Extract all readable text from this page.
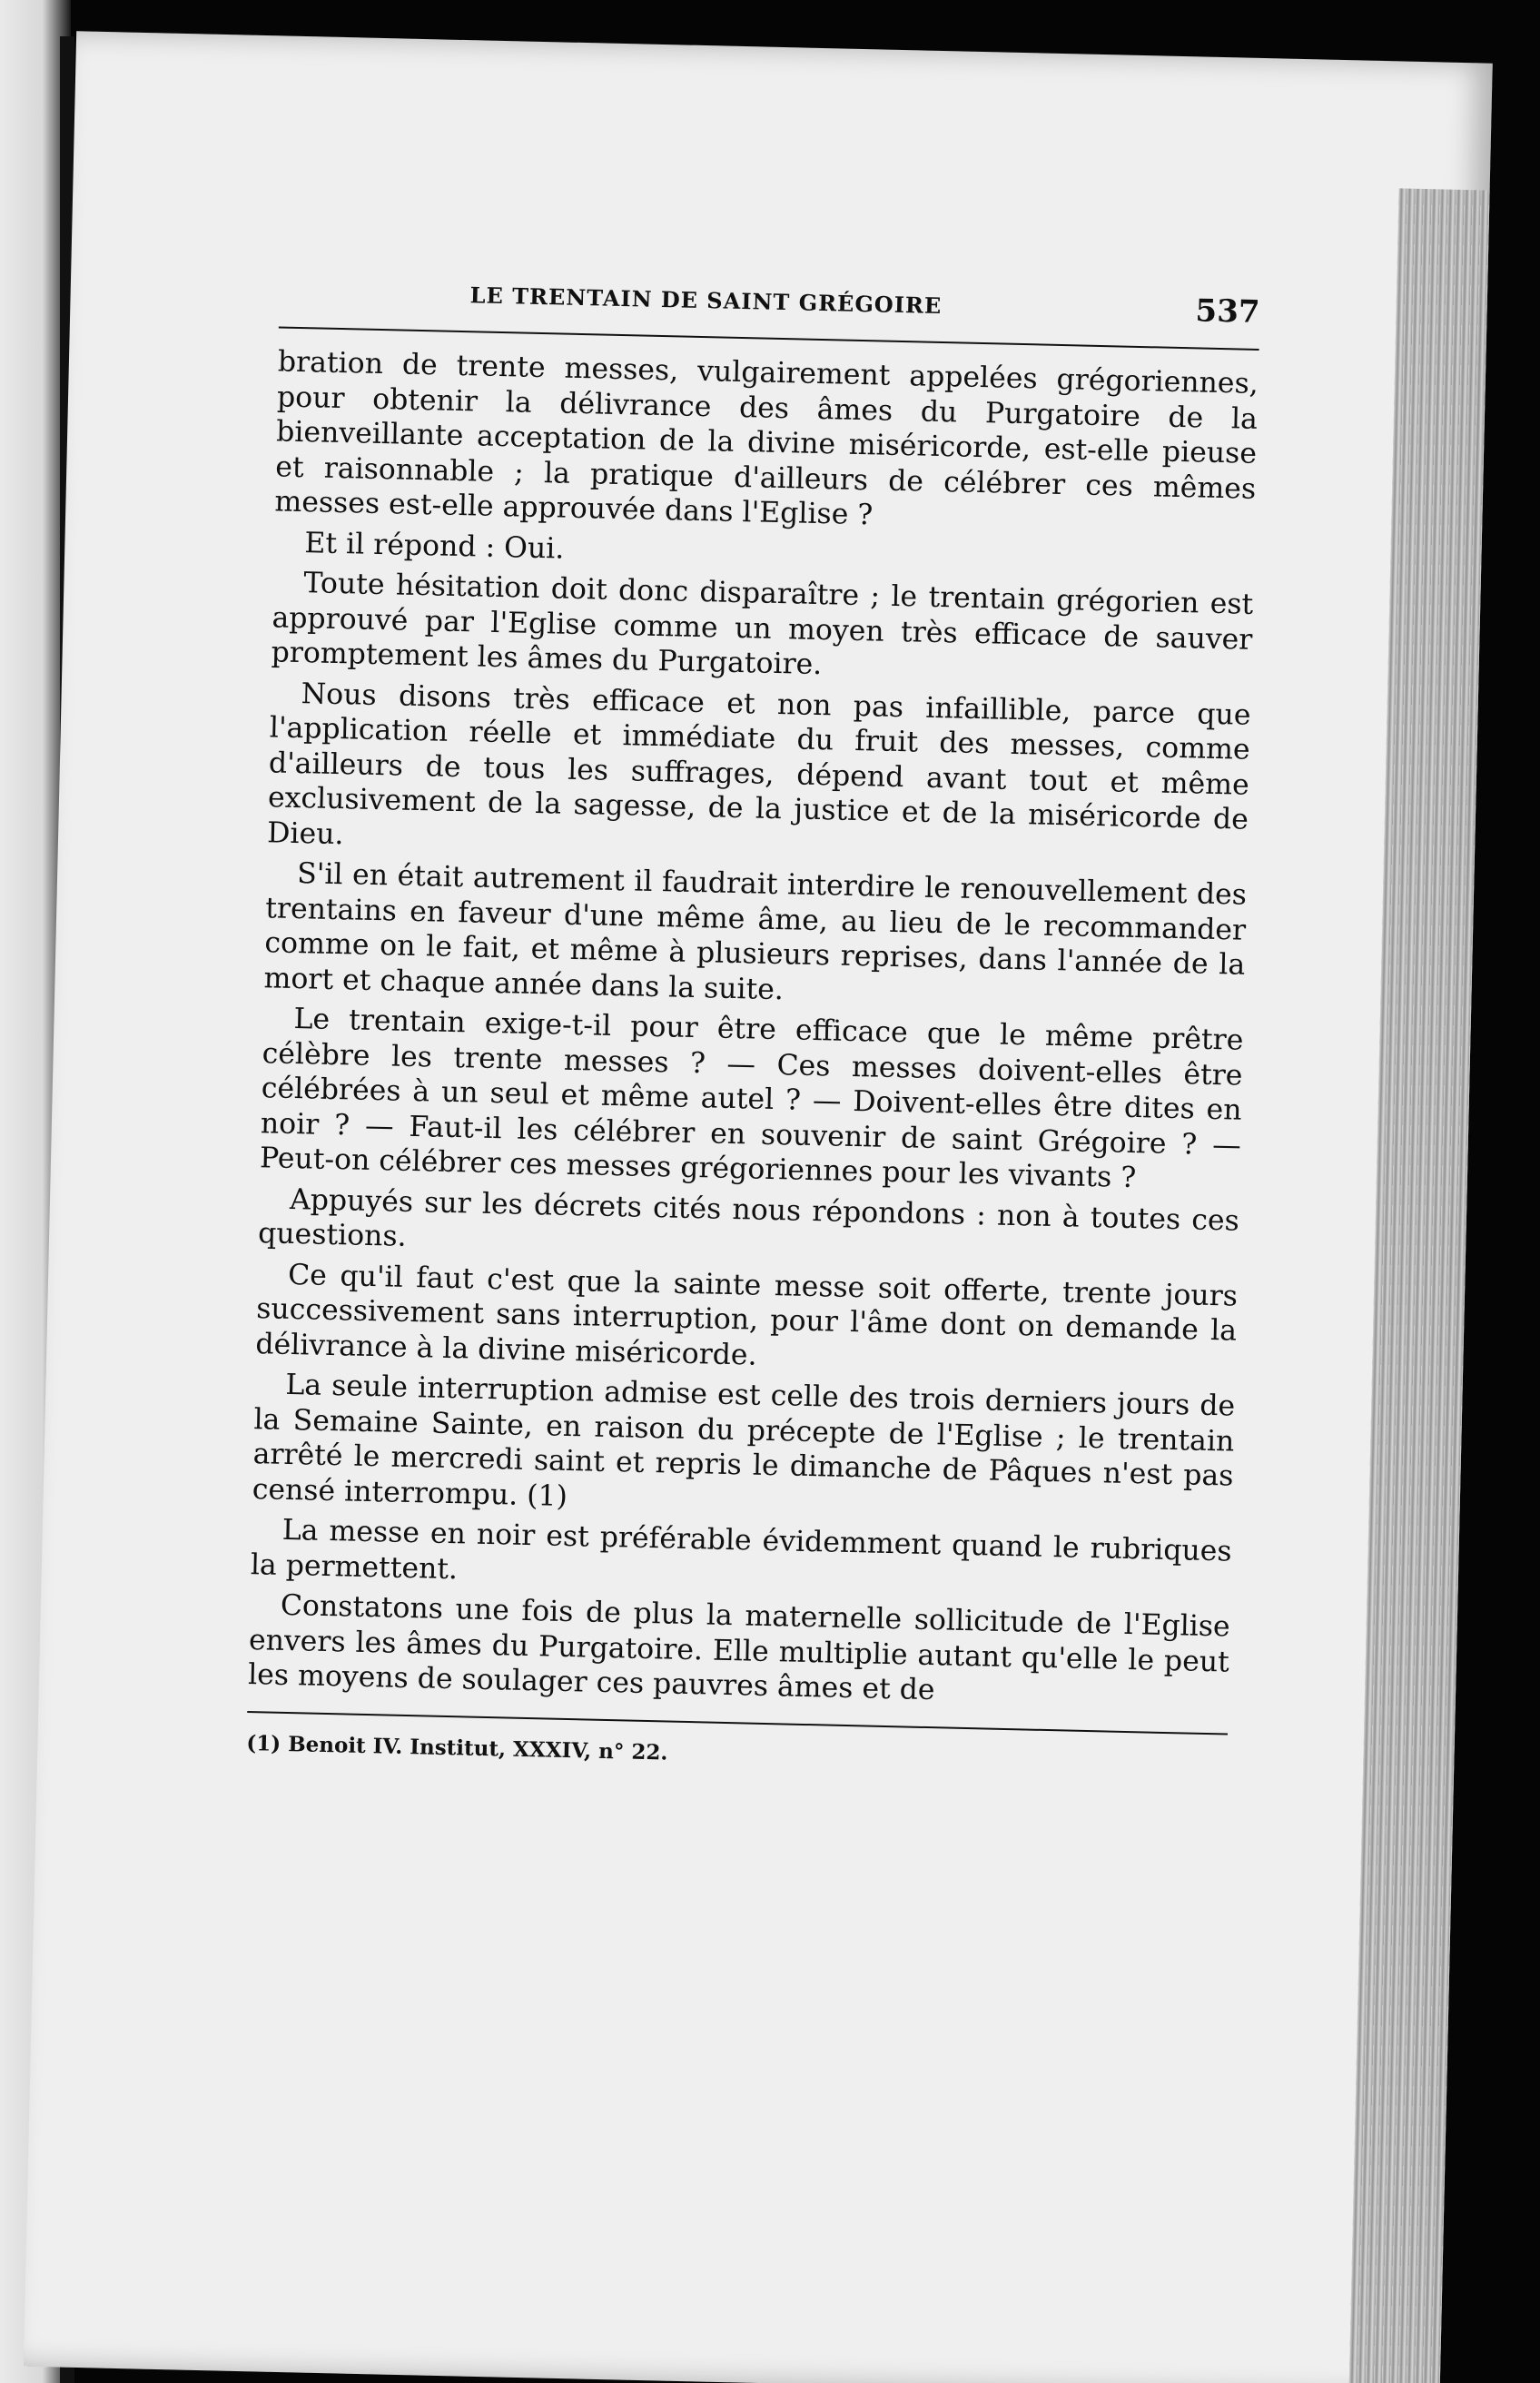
LE TRENTAIN DE SAINT GRÉGOIRE	537

bration de trente messes, vulgairement appelées grégoriennes, pour obtenir la délivrance des âmes du Purgatoire de la bienveillante acceptation de la divine miséricorde, est-elle pieuse et raisonnable ; la pratique d'ailleurs de célébrer ces mêmes messes est-elle approuvée dans l'Eglise ?

Et il répond : Oui.

Toute hésitation doit donc disparaître ; le trentain grégorien est approuvé par l'Eglise comme un moyen très efficace de sauver promptement les âmes du Purgatoire.

Nous disons très efficace et non pas infaillible, parce que l'application réelle et immédiate du fruit des messes, comme d'ailleurs de tous les suffrages, dépend avant tout et même exclusivement de la sagesse, de la justice et de la miséricorde de Dieu.

S'il en était autrement il faudrait interdire le renouvellement des trentains en faveur d'une même âme, au lieu de le recommander comme on le fait, et même à plusieurs reprises, dans l'année de la mort et chaque année dans la suite.

Le trentain exige-t-il pour être efficace que le même prêtre célèbre les trente messes ? — Ces messes doivent-elles être célébrées à un seul et même autel ? — Doivent-elles être dites en noir ? — Faut-il les célébrer en souvenir de saint Grégoire ? — Peut-on célébrer ces messes grégoriennes pour les vivants ?

Appuyés sur les décrets cités nous répondons : non à toutes ces questions.

Ce qu'il faut c'est que la sainte messe soit offerte, trente jours successivement sans interruption, pour l'âme dont on demande la délivrance à la divine miséricorde.

La seule interruption admise est celle des trois derniers jours de la Semaine Sainte, en raison du précepte de l'Eglise ; le trentain arrêté le mercredi saint et repris le dimanche de Pâques n'est pas censé interrompu. (1)

La messe en noir est préférable évidemment quand le rubriques la permettent.

Constatons une fois de plus la maternelle sollicitude de l'Eglise envers les âmes du Purgatoire. Elle multiplie autant qu'elle le peut les moyens de soulager ces pauvres âmes et de

(1) Benoit IV. Institut, XXXIV, n° 22.
